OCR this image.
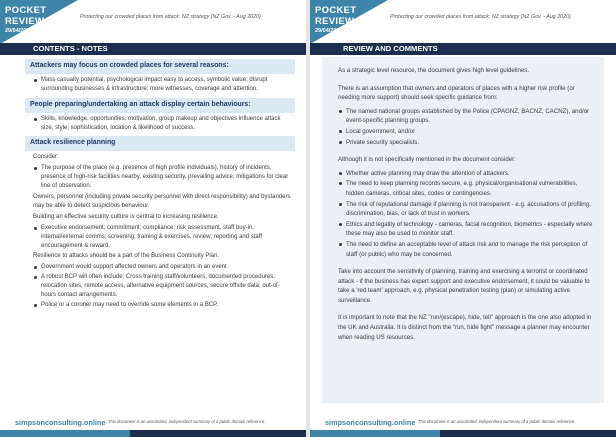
POCKET
REVIEW
29/04/2021
Protecting our crowded places from attack: NZ strategy (NZ Gov. - Aug 2020)
CONTENTS - NOTES
Attackers may focus on crowded places for several reasons:
Mass casualty potential, psychological impact easy to access, symbolic value; disrupt surrounding businesses & infrastructure; more witnesses, coverage and attention.
People preparing/undertaking an attack display certain behaviours:
Skills, knowledge, opportunities, motivation, group makeup and objectives influence attack size, style; sophistication, location & likelihood of success.
Attack resilience planning

Consider:

The purpose of the place (e.g. presence of high profile individuals), history of incidents, presence of high-risk facilities nearby, existing security, prevailing advice; mitigations for clear line of observation.

Owners, personnel (including private security personnel with direct responsibility) and bystanders may be able to detect suspicious behaviour.

Building an effective security culture is central to increasing resilience.

Executive endorsement; commitment; compliance; risk assessment, staff buy-in, internal/external comms; screening; training & exercises, review; reporting and staff encouragement & reward.

Resilience to attacks should be a part of the Business Continuity Plan.

Government would support affected owners and operators in an event
A robust BCP will often include: Cross training staff/volunteers, documented procedures, relocation sites, remote access, alternative equipment sources, secure offsite data; out-of-hours contact arrangements.
Police or a coroner may need to override some elements in a BCP.
simpsonconsulting.online This document is an unsolicited, independent summary of a public domain reference.
POCKET
REVIEW
29/04/2021
Protecting our crowded places from attack: NZ strategy (NZ Gov. - Aug 2020)
REVIEW AND COMMENTS

As a strategic level resource, the document gives high level guidelines.

There is an assumption that owners and operators of places with a higher risk profile (or needing more support) should seek specific guidance from:

The named national groups established by the Police (CPAGNZ, BACNZ, CACNZ), and/or event-specific planning groups.
Local government, and/or
Private security specialists.

Although it is not specifically mentioned in the document consider:

Whether active planning may draw the attention of attackers.
The need to keep planning records secure, e.g. physical/organisational vulnerabilities, hidden cameras, critical sites, codes or contingencies.
The risk of reputational damage if planning is not transparent - e.g. accusations of profiling, discrimination, bias, or lack of trust in workers.
Ethics and legality of technology - cameras, facial recognition, biometrics - especially where these may also be used to monitor staff.
The need to define an acceptable level of attack risk and to manage the risk perception of staff (or public) who may be concerned.

Take into account the sensitivity of planning, training and exercising a terrorist or coordinated attack - if the business has expert support and executive endorsement, it could be valuable to take a 'red team' approach, e.g. physical penetration testing (plan) or simulating active surveillance.

It is important to note that the NZ "run/(escape), hide, tell" approach is the one also adopted in the UK and Australia. It is distinct from the "run, hide fight" message a planner may encounter when reading US resources.

simpsonconsulting.online This document is an unsolicited, independent summary of a public domain reference.
